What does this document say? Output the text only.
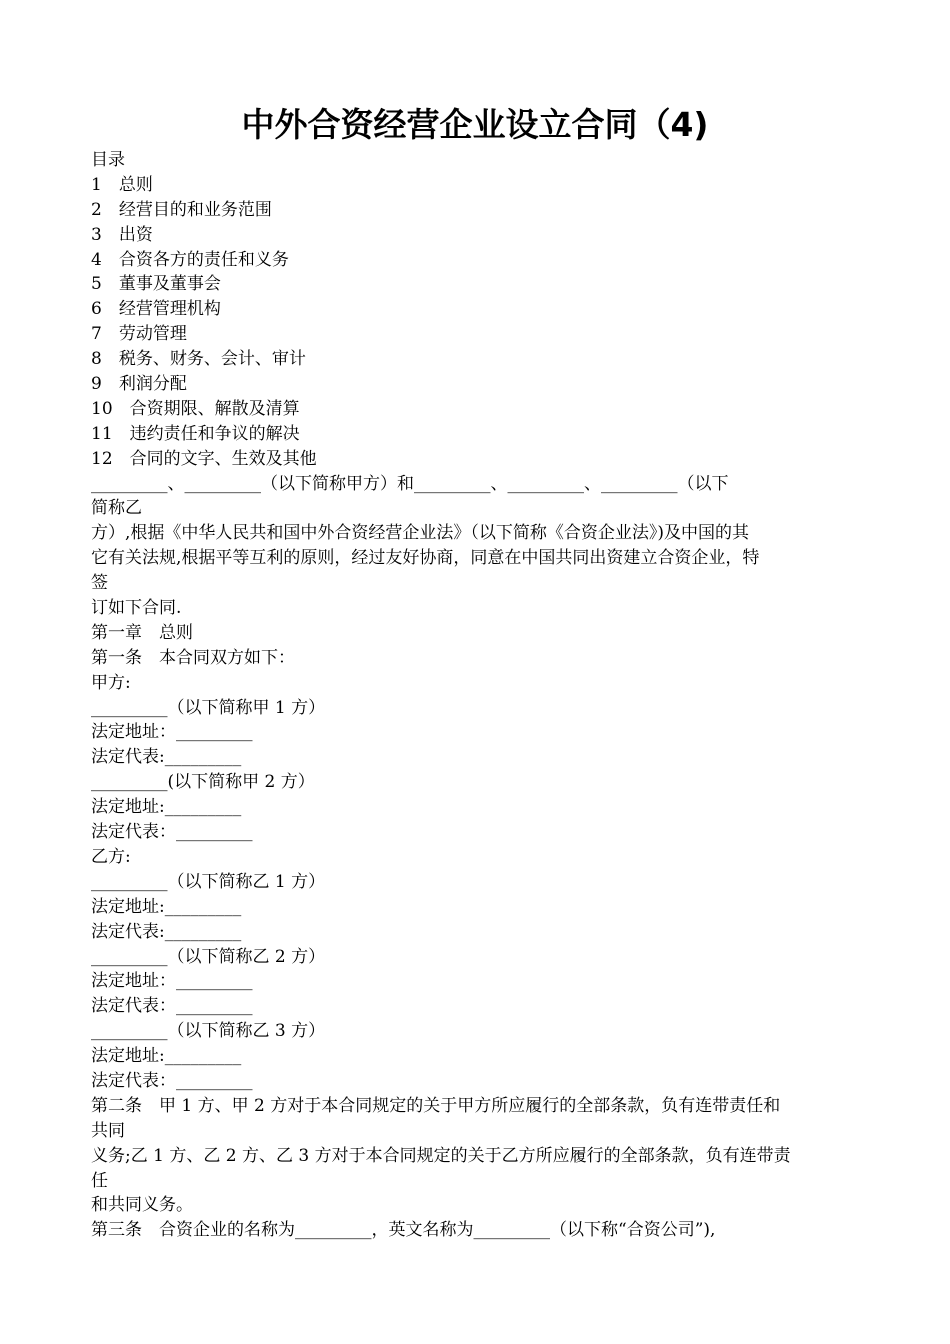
中外合资经营企业设立合同（4)
目录
1　总则
2　经营目的和业务范围
3　出资
4　合资各方的责任和义务
5　董事及董事会
6　经营管理机构
7　劳动管理
8　税务、财务、会计、审计
9　利润分配
10　合资期限、解散及清算
11　违约责任和争议的解决
12　合同的文字、生效及其他
_________、_________（以下简称甲方）和_________、_________、_________（以下
简称乙
方）,根据《中华人民共和国中外合资经营企业法》（以下简称《合资企业法》)及中国的其
它有关法规,根据平等互利的原则，经过友好协商，同意在中国共同出资建立合资企业，特
签
订如下合同.
第一章　总则
第一条　本合同双方如下：
甲方:
_________（以下简称甲 1 方）
法定地址：_________
法定代表:_________
_________(以下简称甲 2 方）
法定地址:_________
法定代表：_________
乙方:
_________（以下简称乙 1 方）
法定地址:_________
法定代表:_________
_________（以下简称乙 2 方）
法定地址：_________
法定代表：_________
_________（以下简称乙 3 方）
法定地址:_________
法定代表：_________
第二条　甲 1 方、甲 2 方对于本合同规定的关于甲方所应履行的全部条款，负有连带责任和
共同
义务;乙 1 方、乙 2 方、乙 3 方对于本合同规定的关于乙方所应履行的全部条款，负有连带责
任
和共同义务。
第三条　合资企业的名称为_________，英文名称为_________（以下称“合资公司”),
